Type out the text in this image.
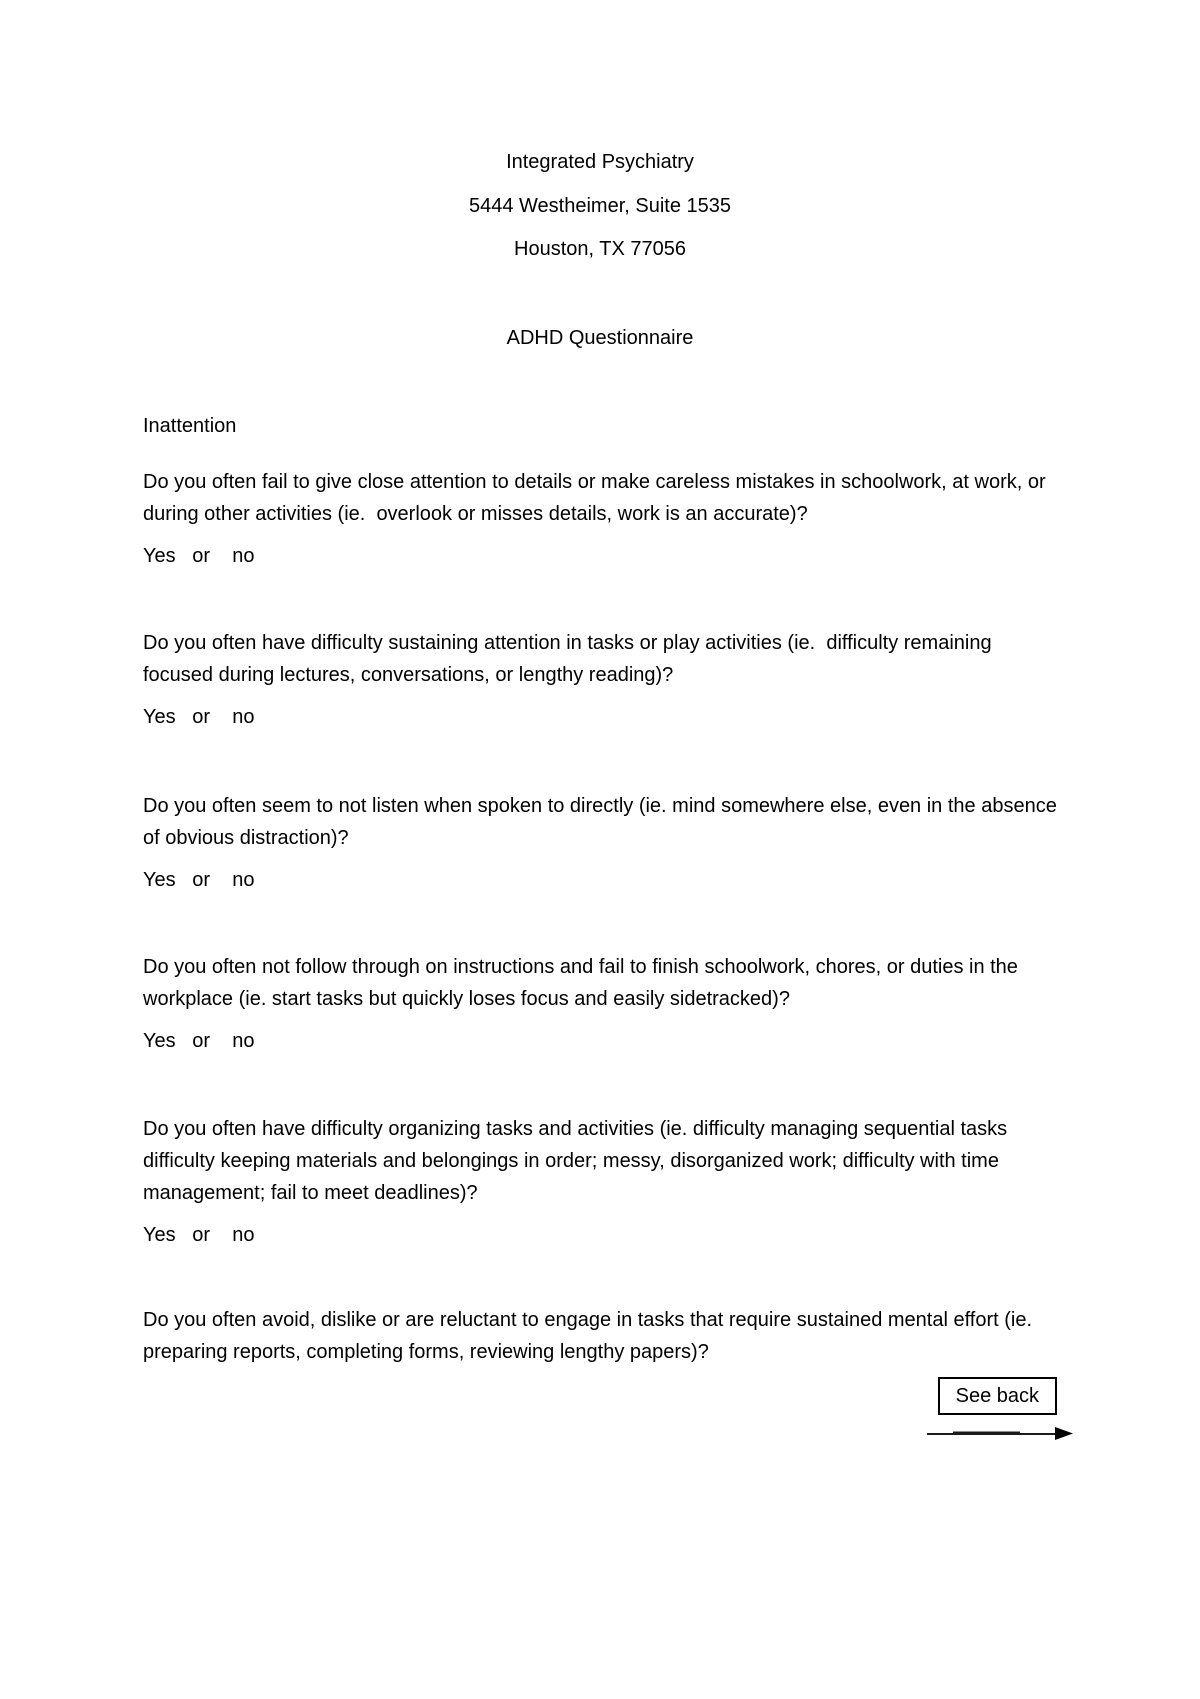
Integrated Psychiatry

5444 Westheimer, Suite 1535

Houston, TX 77056

ADHD Questionnaire

Inattention

Do you often fail to give close attention to details or make careless mistakes in schoolwork, at work, or during other activities (ie.  overlook or misses details, work is an accurate)?

Yes   or    no

Do you often have difficulty sustaining attention in tasks or play activities (ie.  difficulty remaining focused during lectures, conversations, or lengthy reading)?

Yes   or    no

Do you often seem to not listen when spoken to directly (ie. mind somewhere else, even in the absence of obvious distraction)?

Yes   or    no

Do you often not follow through on instructions and fail to finish schoolwork, chores, or duties in the workplace (ie. start tasks but quickly loses focus and easily sidetracked)?

Yes   or    no

Do you often have difficulty organizing tasks and activities (ie. difficulty managing sequential tasks difficulty keeping materials and belongings in order; messy, disorganized work; difficulty with time management; fail to meet deadlines)?

Yes   or    no

Do you often avoid, dislike or are reluctant to engage in tasks that require sustained mental effort (ie. preparing reports, completing forms, reviewing lengthy papers)?

See back
